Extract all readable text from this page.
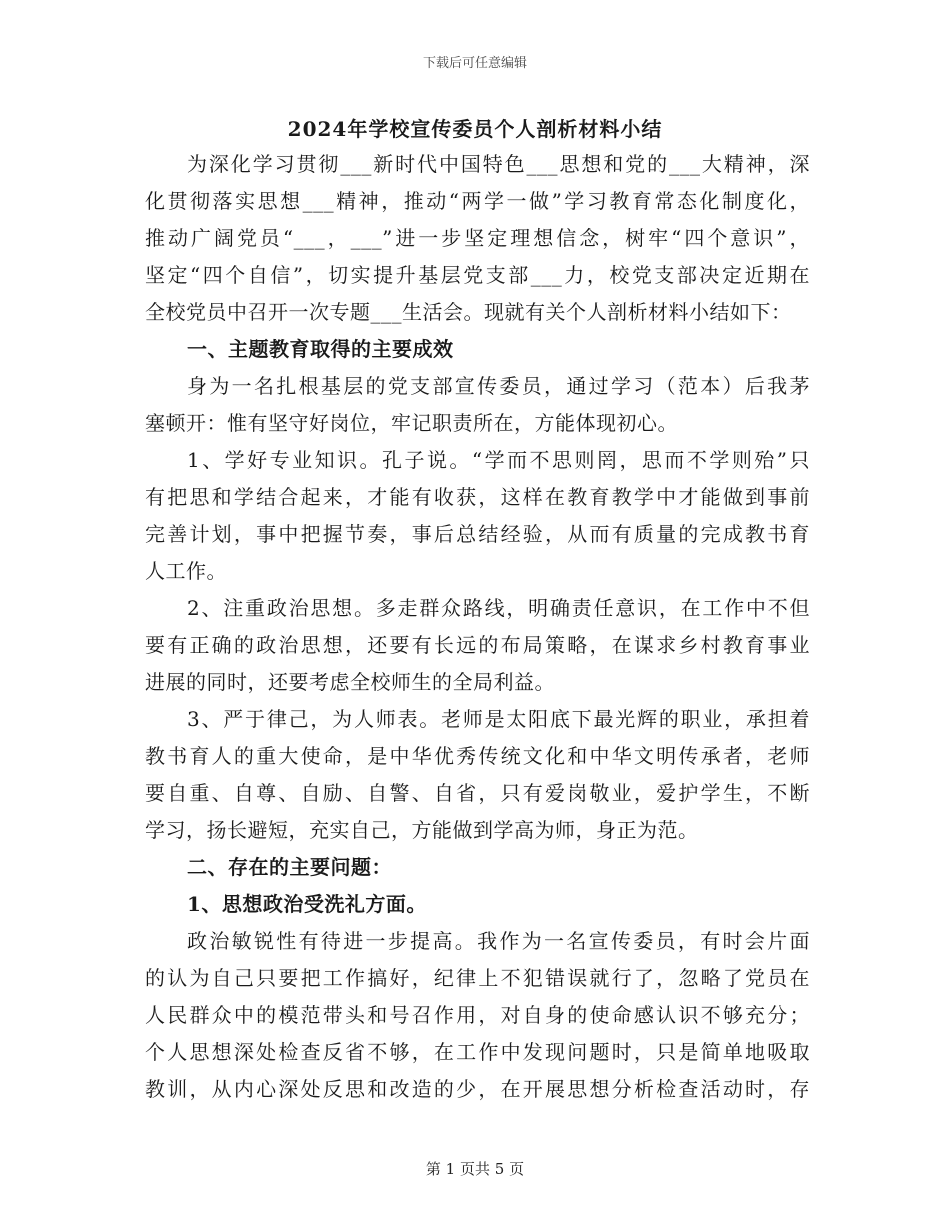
下载后可任意编辑
2024年学校宣传委员个人剖析材料小结
为深化学习贯彻___新时代中国特色___思想和党的___大精神，深
化贯彻落实思想___精神，推动“两学一做”学习教育常态化制度化，
推动广阔党员“___，___”进一步坚定理想信念，树牢“四个意识”，
坚定“四个自信”，切实提升基层党支部___力，校党支部决定近期在
全校党员中召开一次专题___生活会。现就有关个人剖析材料小结如下：
一、主题教育取得的主要成效
身为一名扎根基层的党支部宣传委员，通过学习（范本）后我茅
塞顿开：惟有坚守好岗位，牢记职责所在，方能体现初心。
1、学好专业知识。孔子说。“学而不思则罔，思而不学则殆”只
有把思和学结合起来，才能有收获，这样在教育教学中才能做到事前
完善计划，事中把握节奏，事后总结经验，从而有质量的完成教书育
人工作。
2、注重政治思想。多走群众路线，明确责任意识，在工作中不但
要有正确的政治思想，还要有长远的布局策略，在谋求乡村教育事业
进展的同时，还要考虑全校师生的全局利益。
3、严于律己，为人师表。老师是太阳底下最光辉的职业，承担着
教书育人的重大使命，是中华优秀传统文化和中华文明传承者，老师
要自重、自尊、自励、自警、自省，只有爱岗敬业，爱护学生，不断
学习，扬长避短，充实自己，方能做到学高为师，身正为范。
二、存在的主要问题：
1、思想政治受洗礼方面。
政治敏锐性有待进一步提高。我作为一名宣传委员，有时会片面
的认为自己只要把工作搞好，纪律上不犯错误就行了，忽略了党员在
人民群众中的模范带头和号召作用，对自身的使命感认识不够充分；
个人思想深处检查反省不够，在工作中发现问题时，只是简单地吸取
教训，从内心深处反思和改造的少，在开展思想分析检查活动时，存
第 1 页共 5 页
